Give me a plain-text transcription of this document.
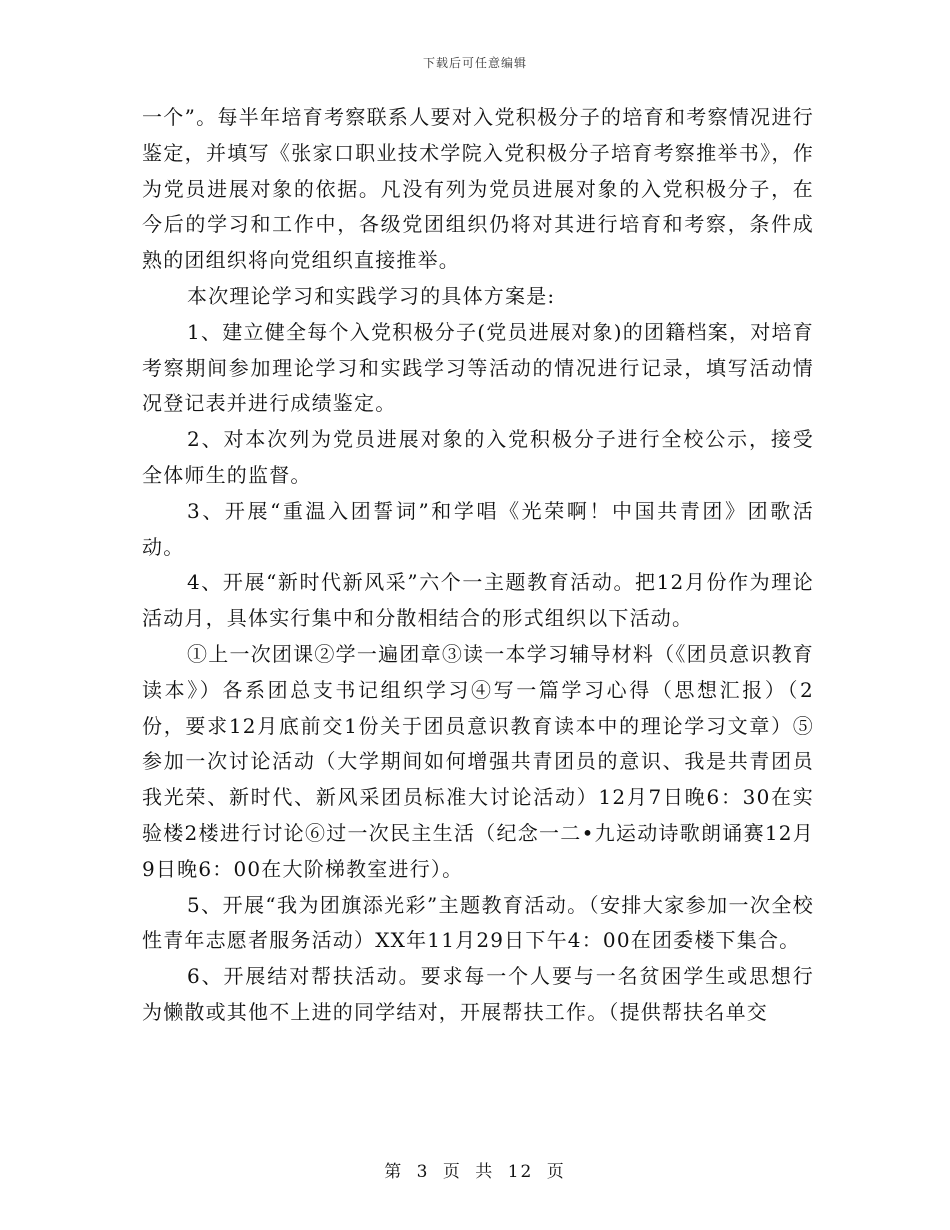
下载后可任意编辑

一个”。每半年培育考察联系人要对入党积极分子的培育和考察情况进行鉴定，并填写《张家口职业技术学院入党积极分子培育考察推举书》，作为党员进展对象的依据。凡没有列为党员进展对象的入党积极分子，在今后的学习和工作中，各级党团组织仍将对其进行培育和考察，条件成熟的团组织将向党组织直接推举。

本次理论学习和实践学习的具体方案是:

1、建立健全每个入党积极分子(党员进展对象)的团籍档案，对培育考察期间参加理论学习和实践学习等活动的情况进行记录，填写活动情况登记表并进行成绩鉴定。

2、对本次列为党员进展对象的入党积极分子进行全校公示，接受全体师生的监督。

3、开展“重温入团誓词”和学唱《光荣啊！中国共青团》团歌活动。

4、开展“新时代新风采”六个一主题教育活动。把12月份作为理论活动月，具体实行集中和分散相结合的形式组织以下活动。

①上一次团课②学一遍团章③读一本学习辅导材料（《团员意识教育读本》）各系团总支书记组织学习④写一篇学习心得（思想汇报）（2份，要求12月底前交1份关于团员意识教育读本中的理论学习文章）⑤参加一次讨论活动（大学期间如何增强共青团员的意识、我是共青团员我光荣、新时代、新风采团员标准大讨论活动）12月7日晚6：30在实验楼2楼进行讨论⑥过一次民主生活（纪念一二•九运动诗歌朗诵赛12月9日晚6：00在大阶梯教室进行）。

5、开展“我为团旗添光彩”主题教育活动。（安排大家参加一次全校性青年志愿者服务活动）XX年11月29日下午4：00在团委楼下集合。

6、开展结对帮扶活动。要求每一个人要与一名贫困学生或思想行为懒散或其他不上进的同学结对，开展帮扶工作。（提供帮扶名单交

第 3 页 共 12 页
